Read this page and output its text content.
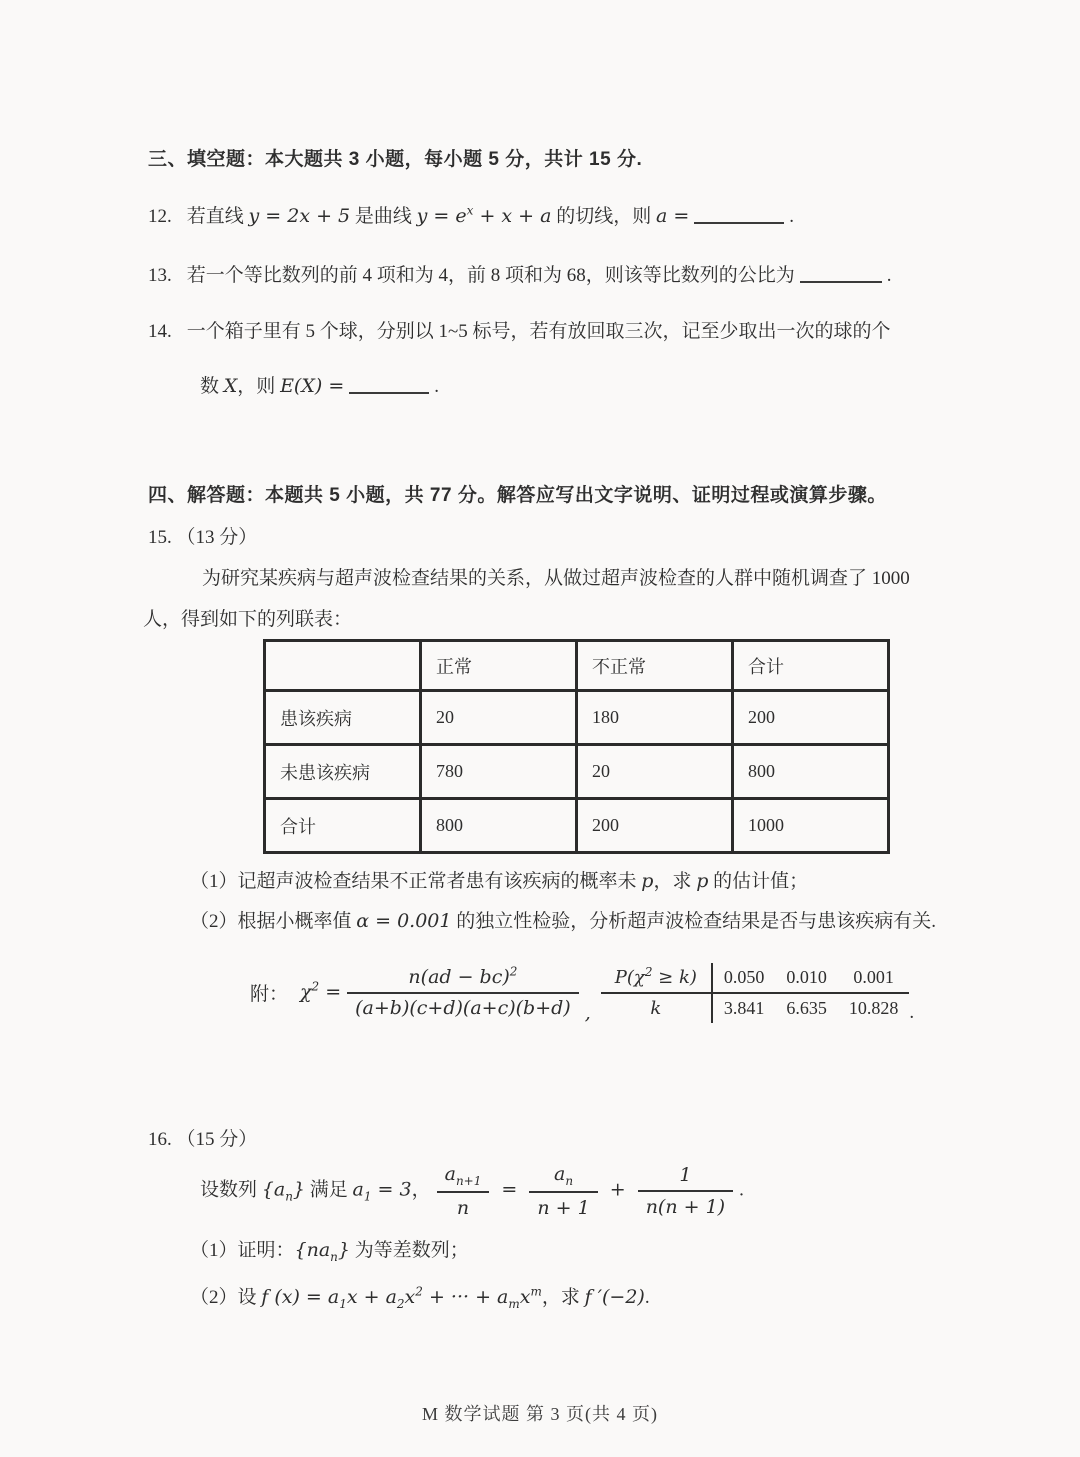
三、填空题：本大题共 3 小题，每小题 5 分，共计 15 分.
12. 若直线 y = 2x + 5 是曲线 $y = e^x + x + a$ 的切线，则 a =	.
13. 若一个等比数列的前 4 项和为 4，前 8 项和为 68，则该等比数列的公比为	.
14. 一个箱子里有 5 个球，分别以 1~5 标号，若有放回取三次，记至少取出一次的球的个
数 X，则 E(X) =	.
四、解答题：本题共 5 小题，共 77 分。解答应写出文字说明、证明过程或演算步骤。
15. （13 分）
为研究某疾病与超声波检查结果的关系，从做过超声波检查的人群中随机调查了 1000
人，得到如下的列联表：
	正常	不正常	合计
患该疾病	20	180	200
未患该疾病	780	20	800
合计	800	200	1000
（1）记超声波检查结果不正常者患有该疾病的概率未 p，求 p 的估计值；
（2）根据小概率值 α = 0.001 的独立性检验，分析超声波检查结果是否与患该疾病有关.
附： $\chi^2 = \frac{n(ad - bc)^2}{(a+b)(c+d)(a+c)(b+d)}$ ,
$P(\chi^2 \ge k)$	0.050	0.010	0.001
k	3.841	6.635	10.828 .
16. （15 分）
设数列 $\{a_n\}$ 满足 $a_1 = 3$， $\frac{a_{n+1}}{n} = \frac{a_n}{n + 1} + \frac{1}{n(n + 1)}$ .
（1）证明：$\{na_n\}$ 为等差数列；
（2）设 f $(x) = a_1x + a_2x^2$ + ··· + $a_mx^m$，求 f ′(−2).
M 数学试题 第 3 页(共 4 页)
